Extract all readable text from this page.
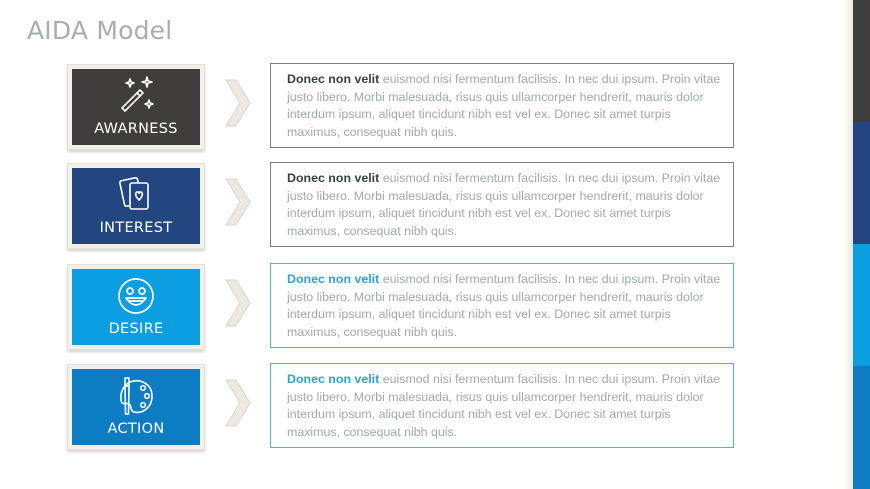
AIDA Model
AWARNESS
Donec non velit euismod nisi fermentum facilisis. In nec dui ipsum. Proin vitae justo libero. Morbi malesuada, risus quis ullamcorper hendrerit, mauris dolor interdum ipsum, aliquet tincidunt nibh est vel ex. Donec sit amet turpis maximus, consequat nibh quis.
INTEREST
Donec non velit euismod nisi fermentum facilisis. In nec dui ipsum. Proin vitae justo libero. Morbi malesuada, risus quis ullamcorper hendrerit, mauris dolor interdum ipsum, aliquet tincidunt nibh est vel ex. Donec sit amet turpis maximus, consequat nibh quis.
DESIRE
Donec non velit euismod nisi fermentum facilisis. In nec dui ipsum. Proin vitae justo libero. Morbi malesuada, risus quis ullamcorper hendrerit, mauris dolor interdum ipsum, aliquet tincidunt nibh est vel ex. Donec sit amet turpis maximus, consequat nibh quis.
ACTION
Donec non velit euismod nisi fermentum facilisis. In nec dui ipsum. Proin vitae justo libero. Morbi malesuada, risus quis ullamcorper hendrerit, mauris dolor interdum ipsum, aliquet tincidunt nibh est vel ex. Donec sit amet turpis maximus, consequat nibh quis.
